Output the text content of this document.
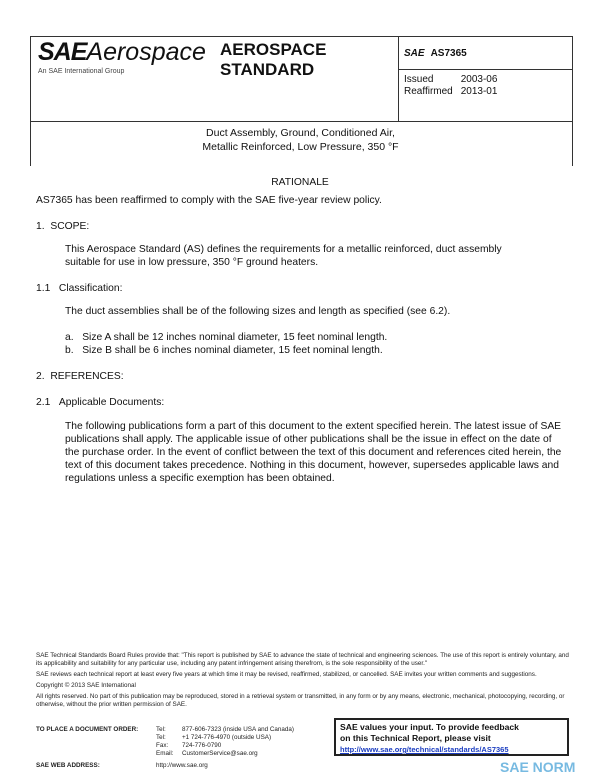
SAEAerospace
An SAE International Group
AEROSPACE
STANDARD
SAE AS7365
Issued	2003-06
Reaffirmed	2013-01
Duct Assembly, Ground, Conditioned Air,
Metallic Reinforced, Low Pressure, 350 °F
RATIONALE
AS7365 has been reaffirmed to comply with the SAE five-year review policy.
1. SCOPE:
This Aerospace Standard (AS) defines the requirements for a metallic reinforced, duct assembly suitable for use in low pressure, 350 °F ground heaters.
1.1 Classification:
The duct assemblies shall be of the following sizes and length as specified (see 6.2).
a. Size A shall be 12 inches nominal diameter, 15 feet nominal length.
b. Size B shall be 6 inches nominal diameter, 15 feet nominal length.
2. REFERENCES:
2.1 Applicable Documents:
The following publications form a part of this document to the extent specified herein. The latest issue of SAE publications shall apply. The applicable issue of other publications shall be the issue in effect on the date of the purchase order. In the event of conflict between the text of this document and references cited herein, the text of this document takes precedence. Nothing in this document, however, supersedes applicable laws and regulations unless a specific exemption has been obtained.
SAE Technical Standards Board Rules provide that: "This report is published by SAE to advance the state of technical and engineering sciences. The use of this report is entirely voluntary, and its applicability and suitability for any particular use, including any patent infringement arising therefrom, is the sole responsibility of the user."
SAE reviews each technical report at least every five years at which time it may be revised, reaffirmed, stabilized, or cancelled. SAE invites your written comments and suggestions.
Copyright © 2013 SAE International
All rights reserved. No part of this publication may be reproduced, stored in a retrieval system or transmitted, in any form or by any means, electronic, mechanical, photocopying, recording, or otherwise, without the prior written permission of SAE.
TO PLACE A DOCUMENT ORDER:	Tel:	877-606-7323 (inside USA and Canada)
Tel:	+1 724-776-4970 (outside USA)
Fax:	724-776-0790
Email:	CustomerService@sae.org
SAE WEB ADDRESS:	http://www.sae.org
SAE values your input. To provide feedback
on this Technical Report, please visit
http://www.sae.org/technical/standards/AS7365
SAE NORM
